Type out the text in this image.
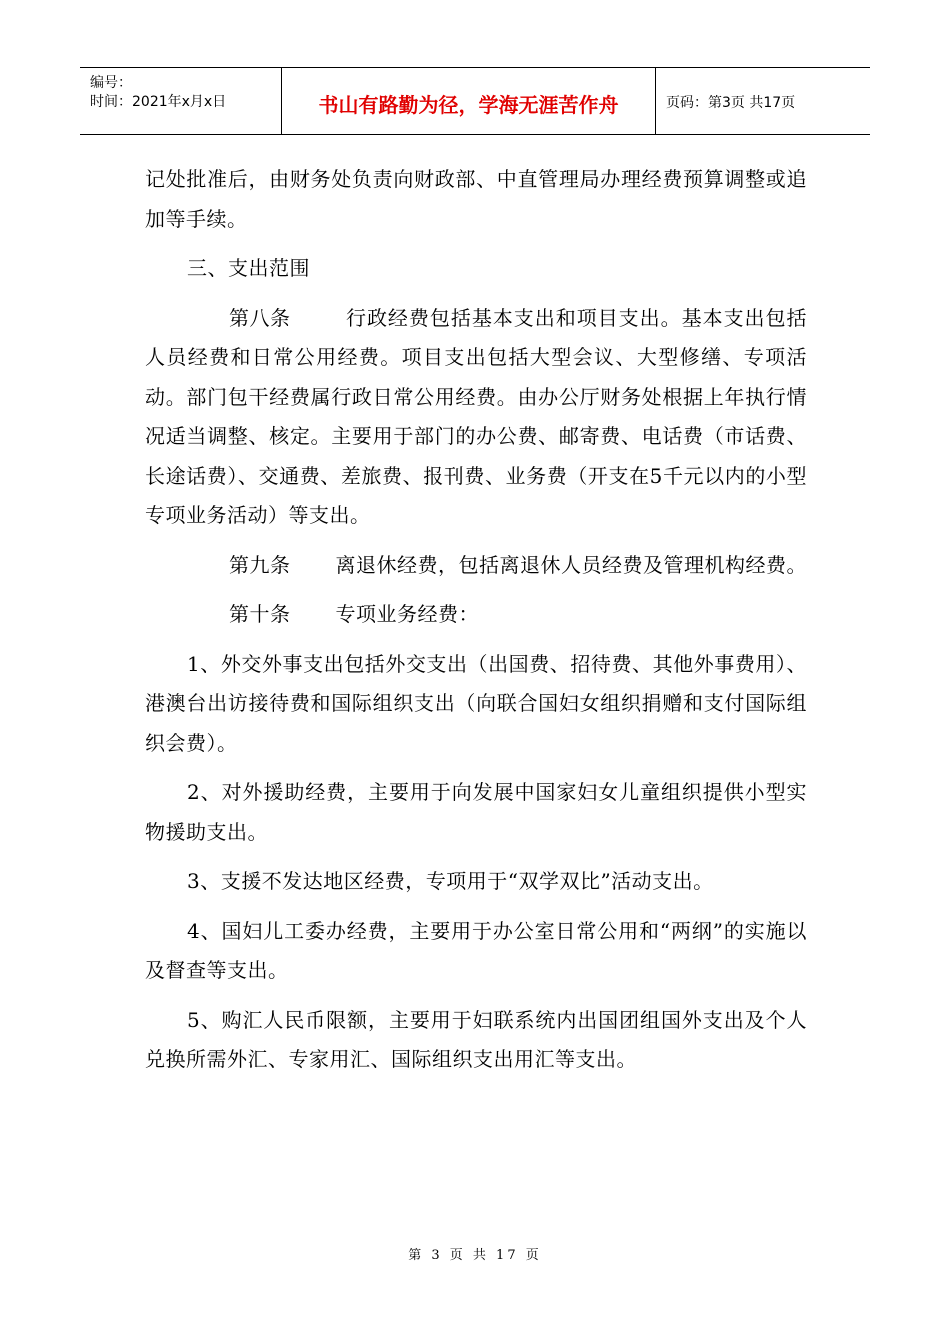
编号：
时间：2021年x月x日	书山有路勤为径，学海无涯苦作舟	页码：第3页 共17页

记处批准后，由财务处负责向财政部、中直管理局办理经费预算调整或追加等手续。

三、支出范围

第八条	行政经费包括基本支出和项目支出。基本支出包括人员经费和日常公用经费。项目支出包括大型会议、大型修缮、专项活动。部门包干经费属行政日常公用经费。由办公厅财务处根据上年执行情况适当调整、核定。主要用于部门的办公费、邮寄费、电话费（市话费、长途话费）、交通费、差旅费、报刊费、业务费（开支在5千元以内的小型专项业务活动）等支出。

第九条 离退休经费，包括离退休人员经费及管理机构经费。

第十条 专项业务经费：

1、外交外事支出包括外交支出（出国费、招待费、其他外事费用）、港澳台出访接待费和国际组织支出（向联合国妇女组织捐赠和支付国际组织会费）。

2、对外援助经费，主要用于向发展中国家妇女儿童组织提供小型实物援助支出。

3、支援不发达地区经费，专项用于“双学双比”活动支出。

4、国妇儿工委办经费，主要用于办公室日常公用和“两纲”的实施以及督查等支出。

5、购汇人民币限额，主要用于妇联系统内出国团组国外支出及个人兑换所需外汇、专家用汇、国际组织支出用汇等支出。

第 3 页 共 17 页
